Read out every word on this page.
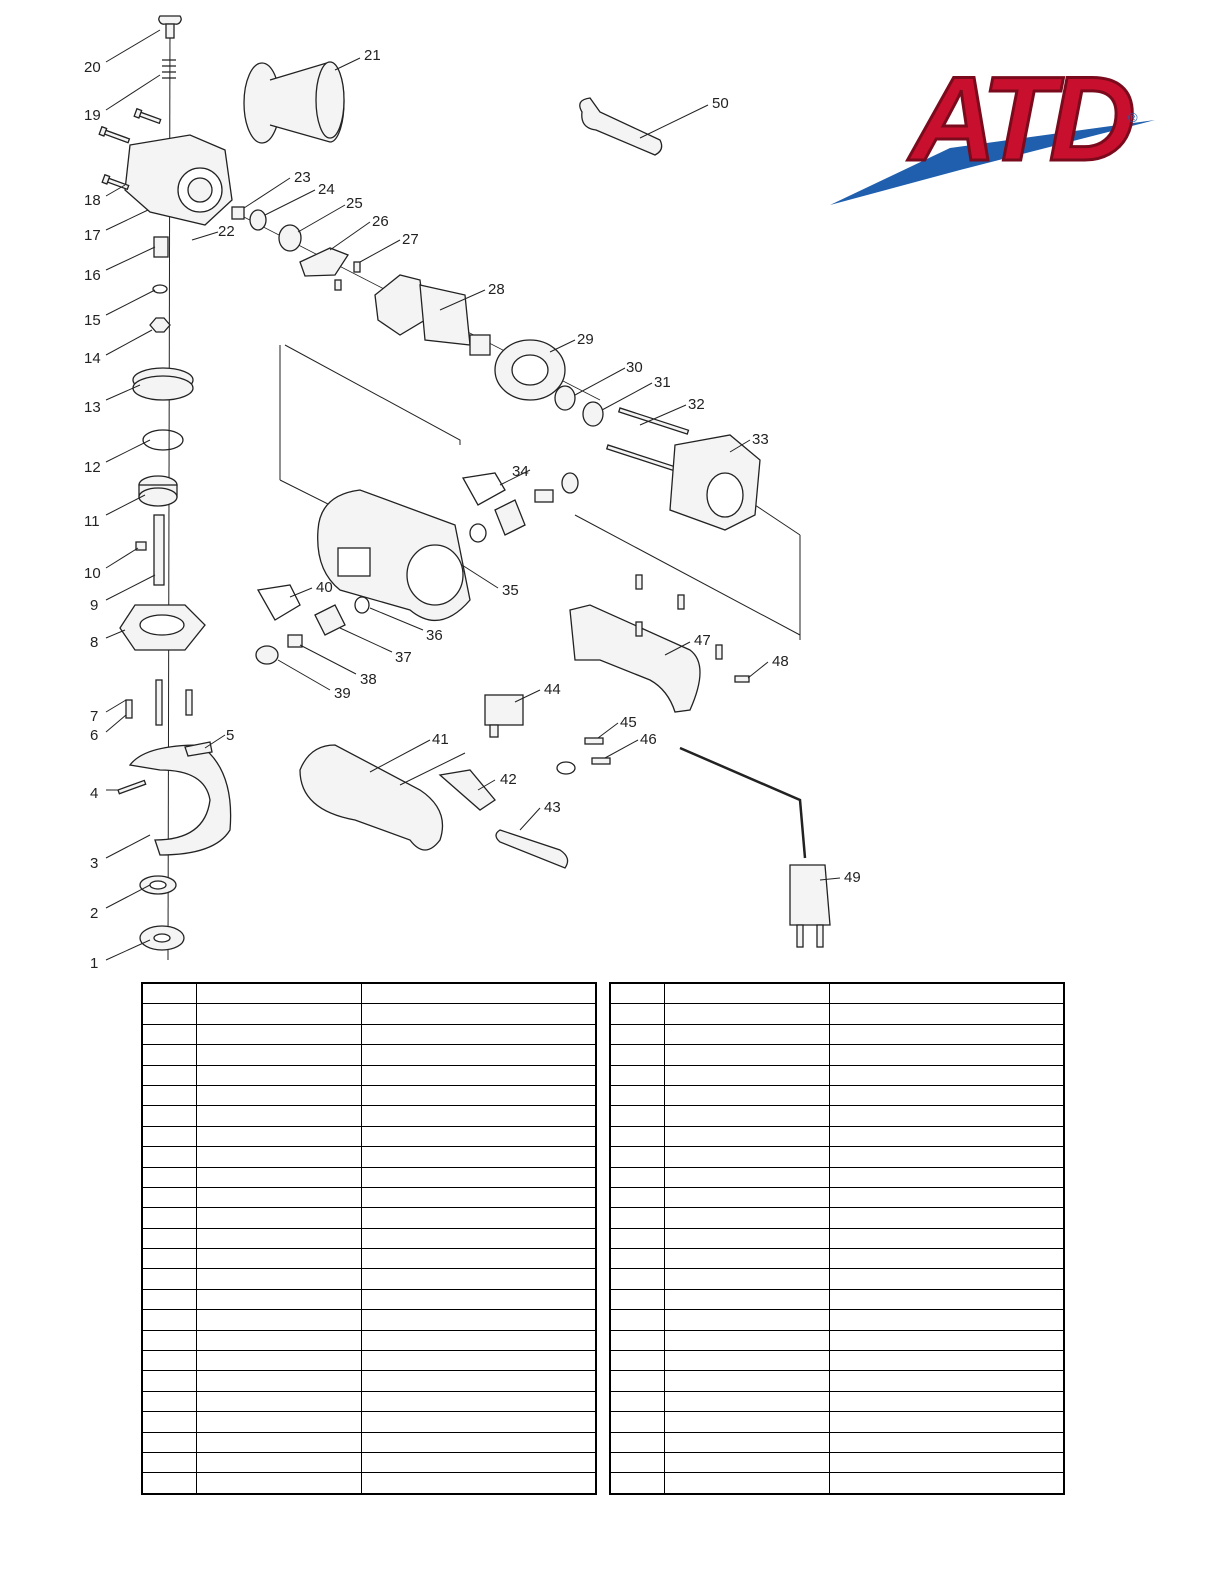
20
19
18
17
16
15
14
13
12
11
10
9
8
7
6	5
4
3
2
1
21
22
23
24
25
26
27
28
29
30
31
32
33
34
35
36
37
38
39
40
41
42
43
44
45
46
47
48
49
50 ATD
®
